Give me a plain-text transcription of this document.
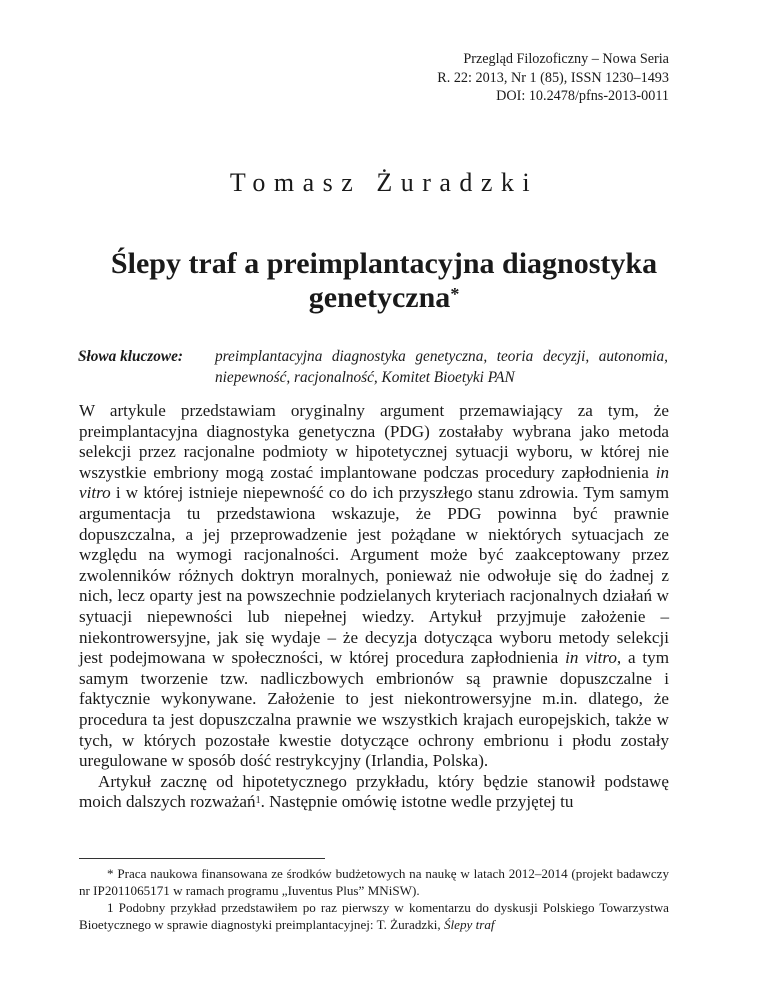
Przegląd Filozoficzny – Nowa Seria
R. 22: 2013, Nr 1 (85), ISSN 1230–1493
DOI: 10.2478/pfns-2013-0011
Tomasz Żuradzki
Ślepy traf a preimplantacyjna diagnostyka
genetyczna*
Słowa kluczowe: preimplantacyjna diagnostyka genetyczna, teoria decyzji, autonomia, niepewność, racjonalność, Komitet Bioetyki PAN

W artykule przedstawiam oryginalny argument przemawiający za tym, że preimplantacyjna diagnostyka genetyczna (PDG) zostałaby wybrana jako metoda selekcji przez racjonalne podmioty w hipotetycznej sytuacji wyboru, w której nie wszystkie embriony mogą zostać implantowane podczas procedury zapłodnienia in vitro i w której istnieje niepewność co do ich przyszłego stanu zdrowia. Tym samym argumentacja tu przedstawiona wskazuje, że PDG powinna być prawnie dopuszczalna, a jej przeprowadzenie jest pożądane w niektórych sytuacjach ze względu na wymogi racjonalności. Argument może być zaakceptowany przez zwolenników różnych doktryn moralnych, ponieważ nie odwołuje się do żadnej z nich, lecz oparty jest na powszechnie podzielanych kryteriach racjonalnych działań w sytuacji niepewności lub niepełnej wiedzy. Artykuł przyjmuje założenie – niekontrowersyjne, jak się wydaje – że decyzja dotycząca wyboru metody selekcji jest podejmowana w społeczności, w której procedura zapłodnienia in vitro, a tym samym tworzenie tzw. nadliczbowych embrionów są prawnie dopuszczalne i faktycznie wykonywane. Założenie to jest niekontrowersyjne m.in. dlatego, że procedura ta jest dopuszczalna prawnie we wszystkich krajach europejskich, także w tych, w których pozostałe kwestie dotyczące ochrony embrionu i płodu zostały uregulowane w sposób dość restrykcyjny (Irlandia, Polska).

Artykuł zacznę od hipotetycznego przykładu, który będzie stanowił podstawę moich dalszych rozważań$^1$. Następnie omówię istotne wedle przyjętej tu

* Praca naukowa finansowana ze środków budżetowych na naukę w latach 2012–2014 (projekt badawczy nr IP2011065171 w ramach programu „Iuventus Plus” MNiSW).

1 Podobny przykład przedstawiłem po raz pierwszy w komentarzu do dyskusji Polskiego Towarzystwa Bioetycznego w sprawie diagnostyki preimplantacyjnej: T. Żuradzki, Ślepy traf
